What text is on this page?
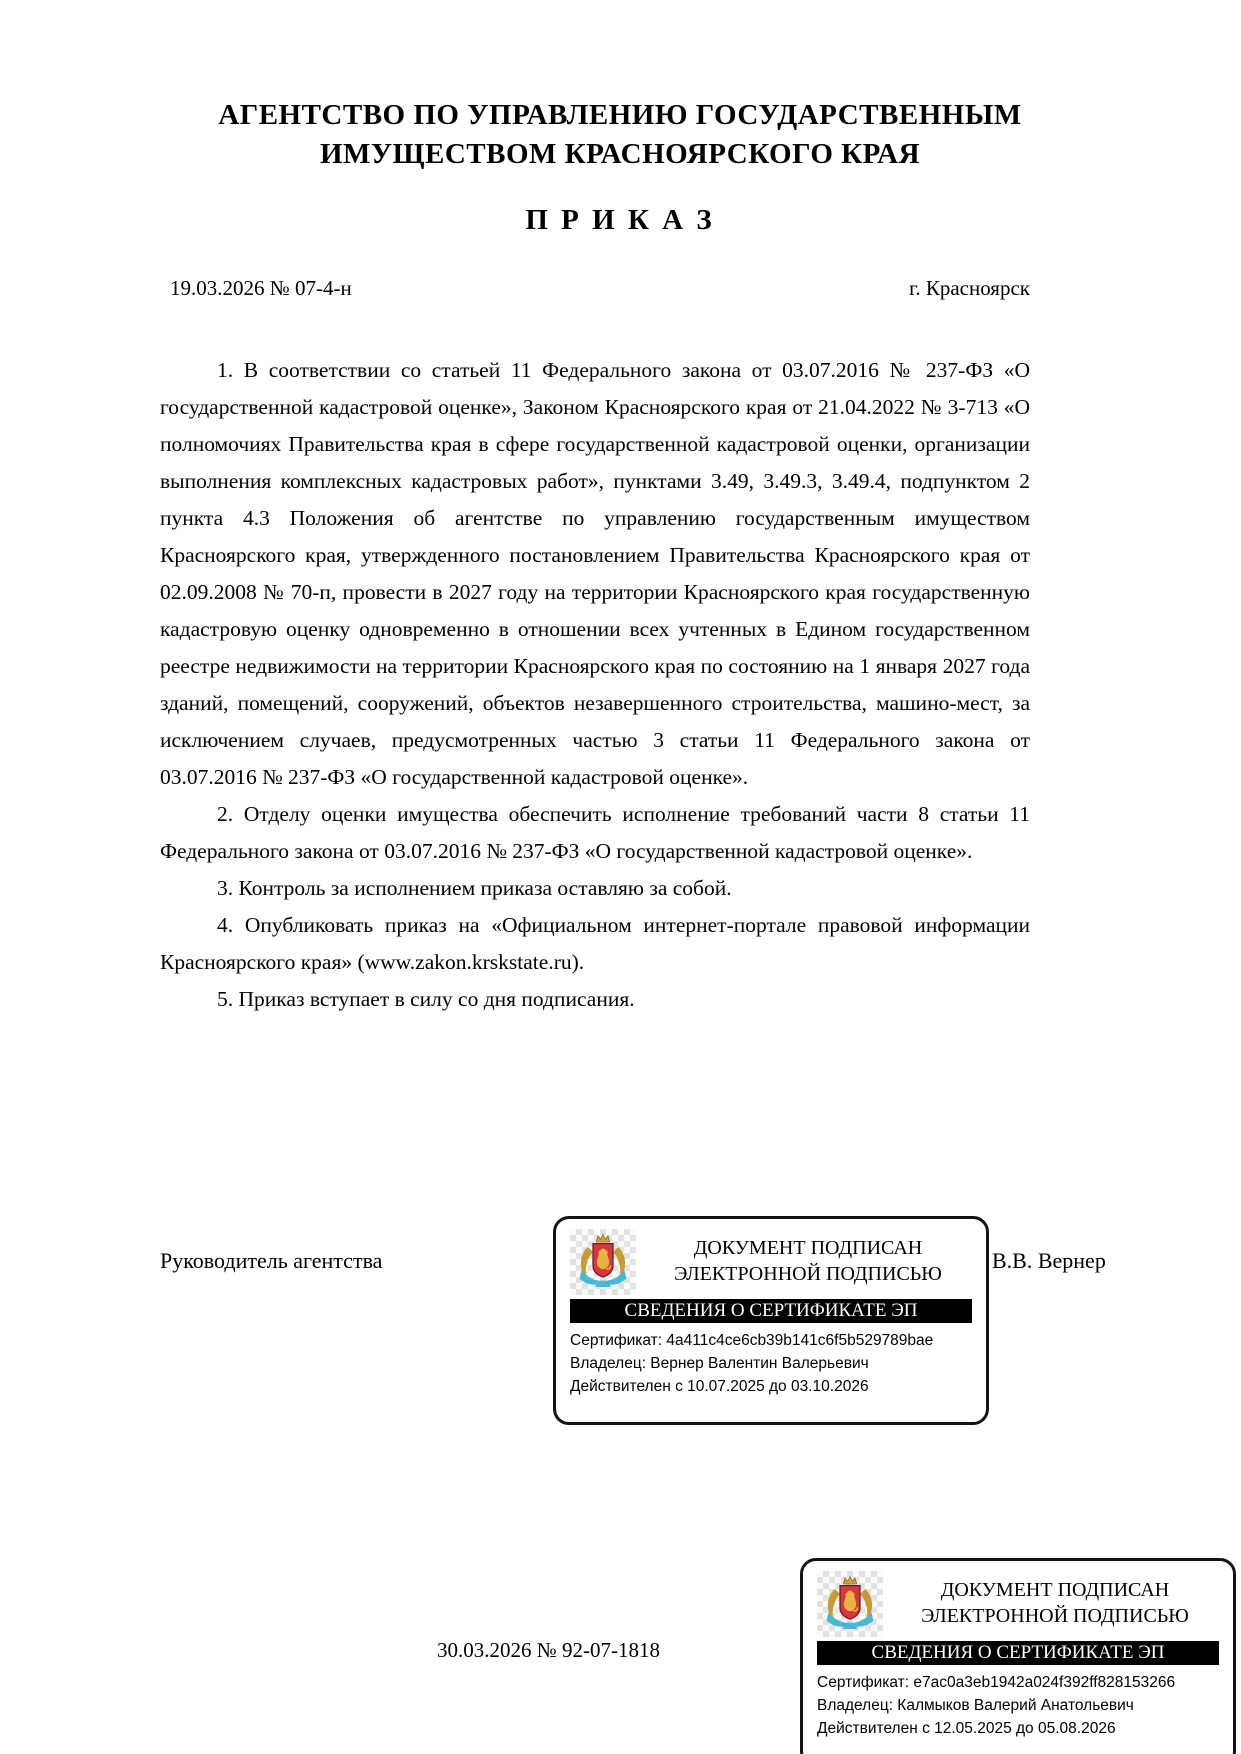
АГЕНТСТВО ПО УПРАВЛЕНИЮ ГОСУДАРСТВЕННЫМ
ИМУЩЕСТВОМ КРАСНОЯРСКОГО КРАЯ
П Р И К А З
19.03.2026 № 07-4-н	г. Красноярск

1. В соответствии со статьей 11 Федерального закона от 03.07.2016 № 237-ФЗ «О государственной кадастровой оценке», Законом Красноярского края от 21.04.2022 № 3-713 «О полномочиях Правительства края в сфере государственной кадастровой оценки, организации выполнения комплексных кадастровых работ», пунктами 3.49, 3.49.3, 3.49.4, подпунктом 2 пункта 4.3 Положения об агентстве по управлению государственным имуществом Красноярского края, утвержденного постановлением Правительства Красноярского края от 02.09.2008 № 70-п, провести в 2027 году на территории Красноярского края государственную кадастровую оценку одновременно в отношении всех учтенных в Едином государственном реестре недвижимости на территории Красноярского края по состоянию на 1 января 2027 года зданий, помещений, сооружений, объектов незавершенного строительства, машино-мест, за исключением случаев, предусмотренных частью 3 статьи 11 Федерального закона от 03.07.2016 № 237-ФЗ «О государственной кадастровой оценке».

2. Отделу оценки имущества обеспечить исполнение требований части 8 статьи 11 Федерального закона от 03.07.2016 № 237-ФЗ «О государственной кадастровой оценке».

3. Контроль за исполнением приказа оставляю за собой.

4. Опубликовать приказ на «Официальном интернет-портале правовой информации Красноярского края» (www.zakon.krskstate.ru).

5. Приказ вступает в силу со дня подписания.

Руководитель агентства	В.В. Вернер
ДОКУМЕНТ ПОДПИСАН
ЭЛЕКТРОННОЙ ПОДПИСЬЮ
СВЕДЕНИЯ О СЕРТИФИКАТЕ ЭП
Сертификат: 4a411c4ce6cb39b141c6f5b529789bae
Владелец: Вернер Валентин Валерьевич
Действителен с 10.07.2025 до 03.10.2026
30.03.2026 № 92-07-1818
ДОКУМЕНТ ПОДПИСАН
ЭЛЕКТРОННОЙ ПОДПИСЬЮ
СВЕДЕНИЯ О СЕРТИФИКАТЕ ЭП
Сертификат: e7ac0a3eb1942a024f392ff828153266
Владелец: Калмыков Валерий Анатольевич
Действителен с 12.05.2025 до 05.08.2026
